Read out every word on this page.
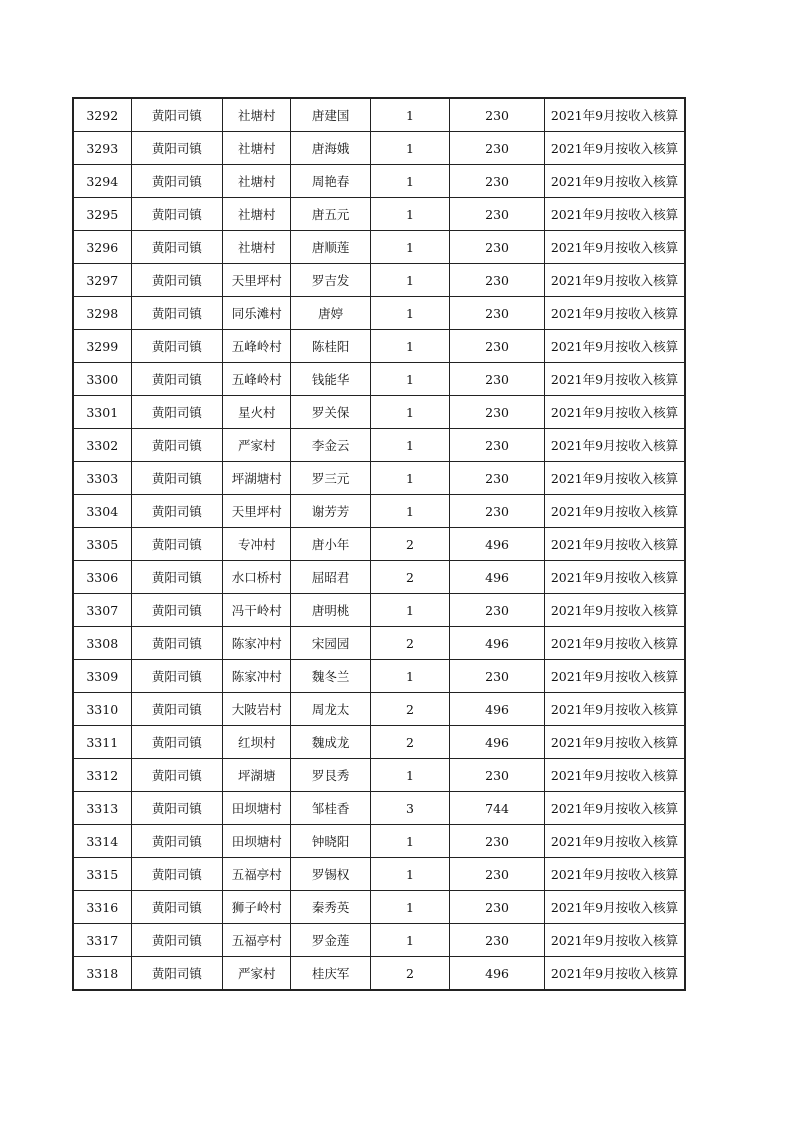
3292	黄阳司镇	社塘村	唐建国	1	230	2021年9月按收入核算
3293	黄阳司镇	社塘村	唐海娥	1	230	2021年9月按收入核算
3294	黄阳司镇	社塘村	周艳春	1	230	2021年9月按收入核算
3295	黄阳司镇	社塘村	唐五元	1	230	2021年9月按收入核算
3296	黄阳司镇	社塘村	唐顺莲	1	230	2021年9月按收入核算
3297	黄阳司镇	天里坪村	罗吉发	1	230	2021年9月按收入核算
3298	黄阳司镇	同乐滩村	唐婷	1	230	2021年9月按收入核算
3299	黄阳司镇	五峰岭村	陈桂阳	1	230	2021年9月按收入核算
3300	黄阳司镇	五峰岭村	钱能华	1	230	2021年9月按收入核算
3301	黄阳司镇	星火村	罗关保	1	230	2021年9月按收入核算
3302	黄阳司镇	严家村	李金云	1	230	2021年9月按收入核算
3303	黄阳司镇	坪湖塘村	罗三元	1	230	2021年9月按收入核算
3304	黄阳司镇	天里坪村	谢芳芳	1	230	2021年9月按收入核算
3305	黄阳司镇	专冲村	唐小年	2	496	2021年9月按收入核算
3306	黄阳司镇	水口桥村	屈昭君	2	496	2021年9月按收入核算
3307	黄阳司镇	冯干岭村	唐明桃	1	230	2021年9月按收入核算
3308	黄阳司镇	陈家冲村	宋园园	2	496	2021年9月按收入核算
3309	黄阳司镇	陈家冲村	魏冬兰	1	230	2021年9月按收入核算
3310	黄阳司镇	大陂岩村	周龙太	2	496	2021年9月按收入核算
3311	黄阳司镇	红坝村	魏成龙	2	496	2021年9月按收入核算
3312	黄阳司镇	坪湖塘	罗艮秀	1	230	2021年9月按收入核算
3313	黄阳司镇	田坝塘村	邹桂香	3	744	2021年9月按收入核算
3314	黄阳司镇	田坝塘村	钟晓阳	1	230	2021年9月按收入核算
3315	黄阳司镇	五福亭村	罗锡权	1	230	2021年9月按收入核算
3316	黄阳司镇	狮子岭村	秦秀英	1	230	2021年9月按收入核算
3317	黄阳司镇	五福亭村	罗金莲	1	230	2021年9月按收入核算
3318	黄阳司镇	严家村	桂庆军	2	496	2021年9月按收入核算
